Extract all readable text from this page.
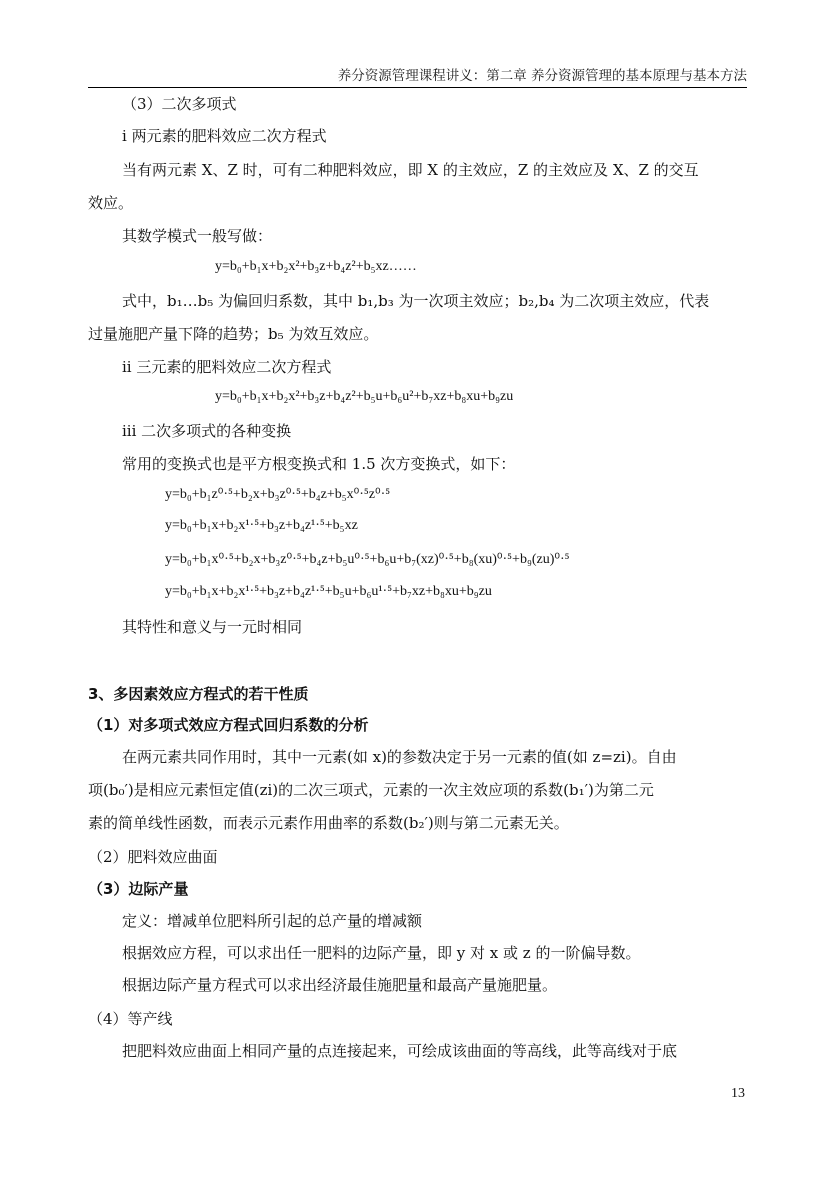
养分资源管理课程讲义：第二章 养分资源管理的基本原理与基本方法
（3）二次多项式
i 两元素的肥料效应二次方程式
当有两元素 X、Z 时，可有二种肥料效应，即 X 的主效应，Z 的主效应及 X、Z 的交互
效应。
其数学模式一般写做：
y=b₀+b₁x+b₂x²+b₃z+b₄z²+b₅xz……
式中，b₁…b₅ 为偏回归系数，其中 b₁,b₃ 为一次项主效应；b₂,b₄ 为二次项主效应，代表
过量施肥产量下降的趋势；b₅ 为效互效应。
ii 三元素的肥料效应二次方程式
y=b₀+b₁x+b₂x²+b₃z+b₄z²+b₅u+b₆u²+b₇xz+b₈xu+b₉zu
iii 二次多项式的各种变换
常用的变换式也是平方根变换式和 1.5 次方变换式，如下：
y=b₀+b₁z⁰·⁵+b₂x+b₃z⁰·⁵+b₄z+b₅x⁰·⁵z⁰·⁵
y=b₀+b₁x+b₂x¹·⁵+b₃z+b₄z¹·⁵+b₅xz
y=b₀+b₁x⁰·⁵+b₂x+b₃z⁰·⁵+b₄z+b₅u⁰·⁵+b₆u+b₇(xz)⁰·⁵+b₈(xu)⁰·⁵+b₉(zu)⁰·⁵
y=b₀+b₁x+b₂x¹·⁵+b₃z+b₄z¹·⁵+b₅u+b₆u¹·⁵+b₇xz+b₈xu+b₉zu
其特性和意义与一元时相同
3、多因素效应方程式的若干性质
（1）对多项式效应方程式回归系数的分析
在两元素共同作用时，其中一元素(如 x)的参数决定于另一元素的值(如 z=zi)。自由
项(b₀′)是相应元素恒定值(zi)的二次三项式，元素的一次主效应项的系数(b₁′)为第二元
素的简单线性函数，而表示元素作用曲率的系数(b₂′)则与第二元素无关。
（2）肥料效应曲面
（3）边际产量
定义：增减单位肥料所引起的总产量的增减额
根据效应方程，可以求出任一肥料的边际产量，即 y 对 x 或 z 的一阶偏导数。
根据边际产量方程式可以求出经济最佳施肥量和最高产量施肥量。
（4）等产线
把肥料效应曲面上相同产量的点连接起来，可绘成该曲面的等高线，此等高线对于底
13
